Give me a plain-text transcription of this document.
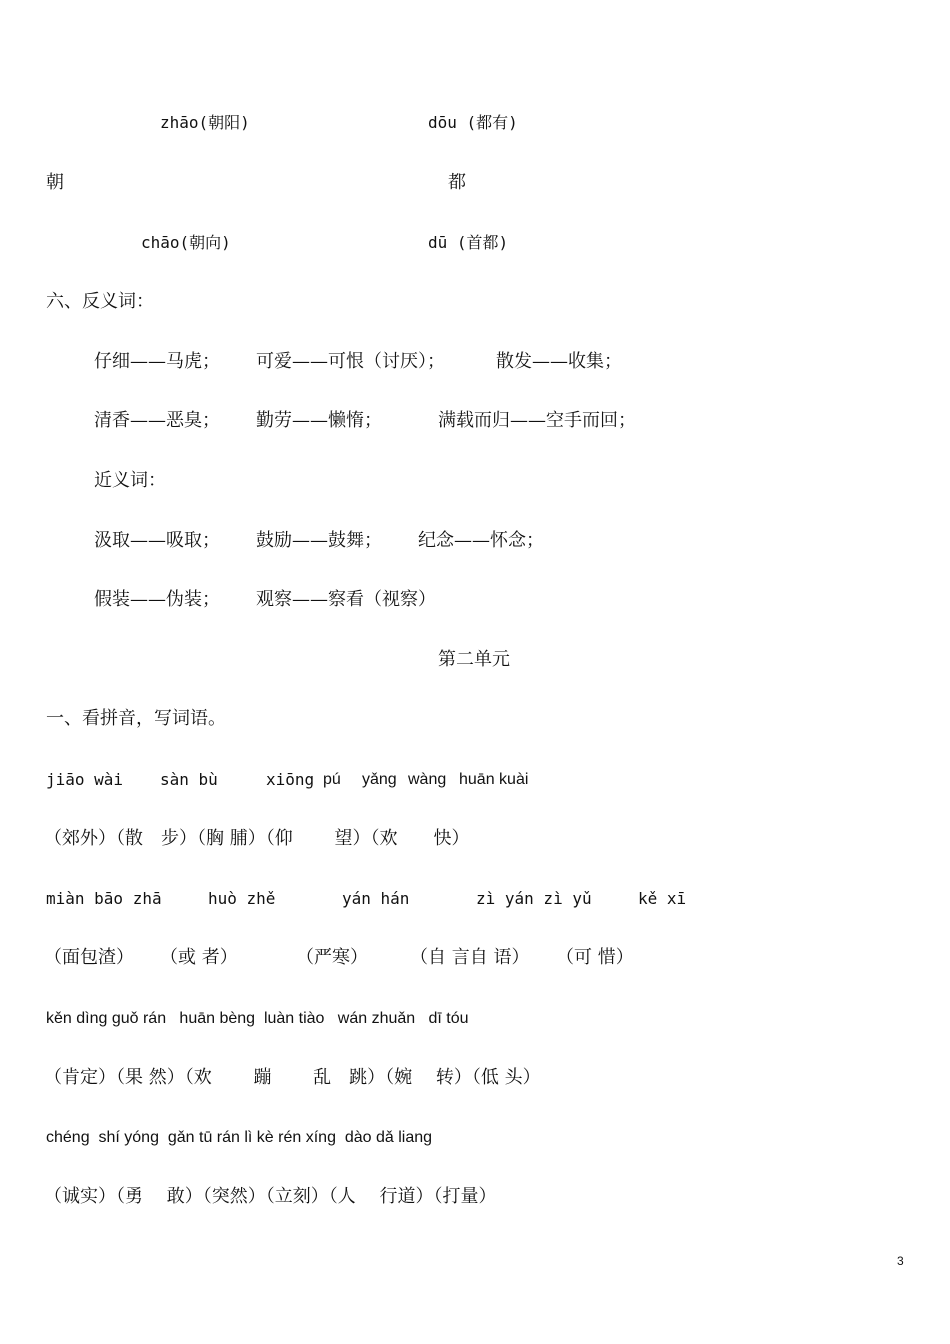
zhāo(朝阳)	dōu (都有)
朝	都
chāo(朝向)	dū (首都)
六、反义词：
仔细——马虎； 可爱——可恨（讨厌）；	散发——收集；
清香——恶臭； 勤劳——懒惰；	满载而归——空手而回；
近义词：
汲取——吸取； 鼓励——鼓舞； 纪念——怀念；
假装——伪装； 观察——察看（视察）
第二单元
一、看拼音，写词语。
jiāo wài sàn bù	xiōng pú yǎng wàng huān kuài
（郊外）（散　步）（胸 脯）（仰　　 望）（欢　　快）
miàn bāo zhā	huò zhě	yán hán	zì yán zì yǔ	kě xī
（面包渣） （或 者）	（严寒） （自 言自 语） （可 惜）
kěn dìng guǒ rán   huān bèng  luàn tiào   wán zhuǎn   dī tóu
（肯定）（果 然）（欢　　 蹦　　 乱　跳）（婉　 转）（低 头）
chéng  shí yóng  gǎn tū rán lì kè rén xíng  dào dǎ liang
（诚实）（勇　 敢）（突然）（立刻）（人　 行道）（打量）
3
